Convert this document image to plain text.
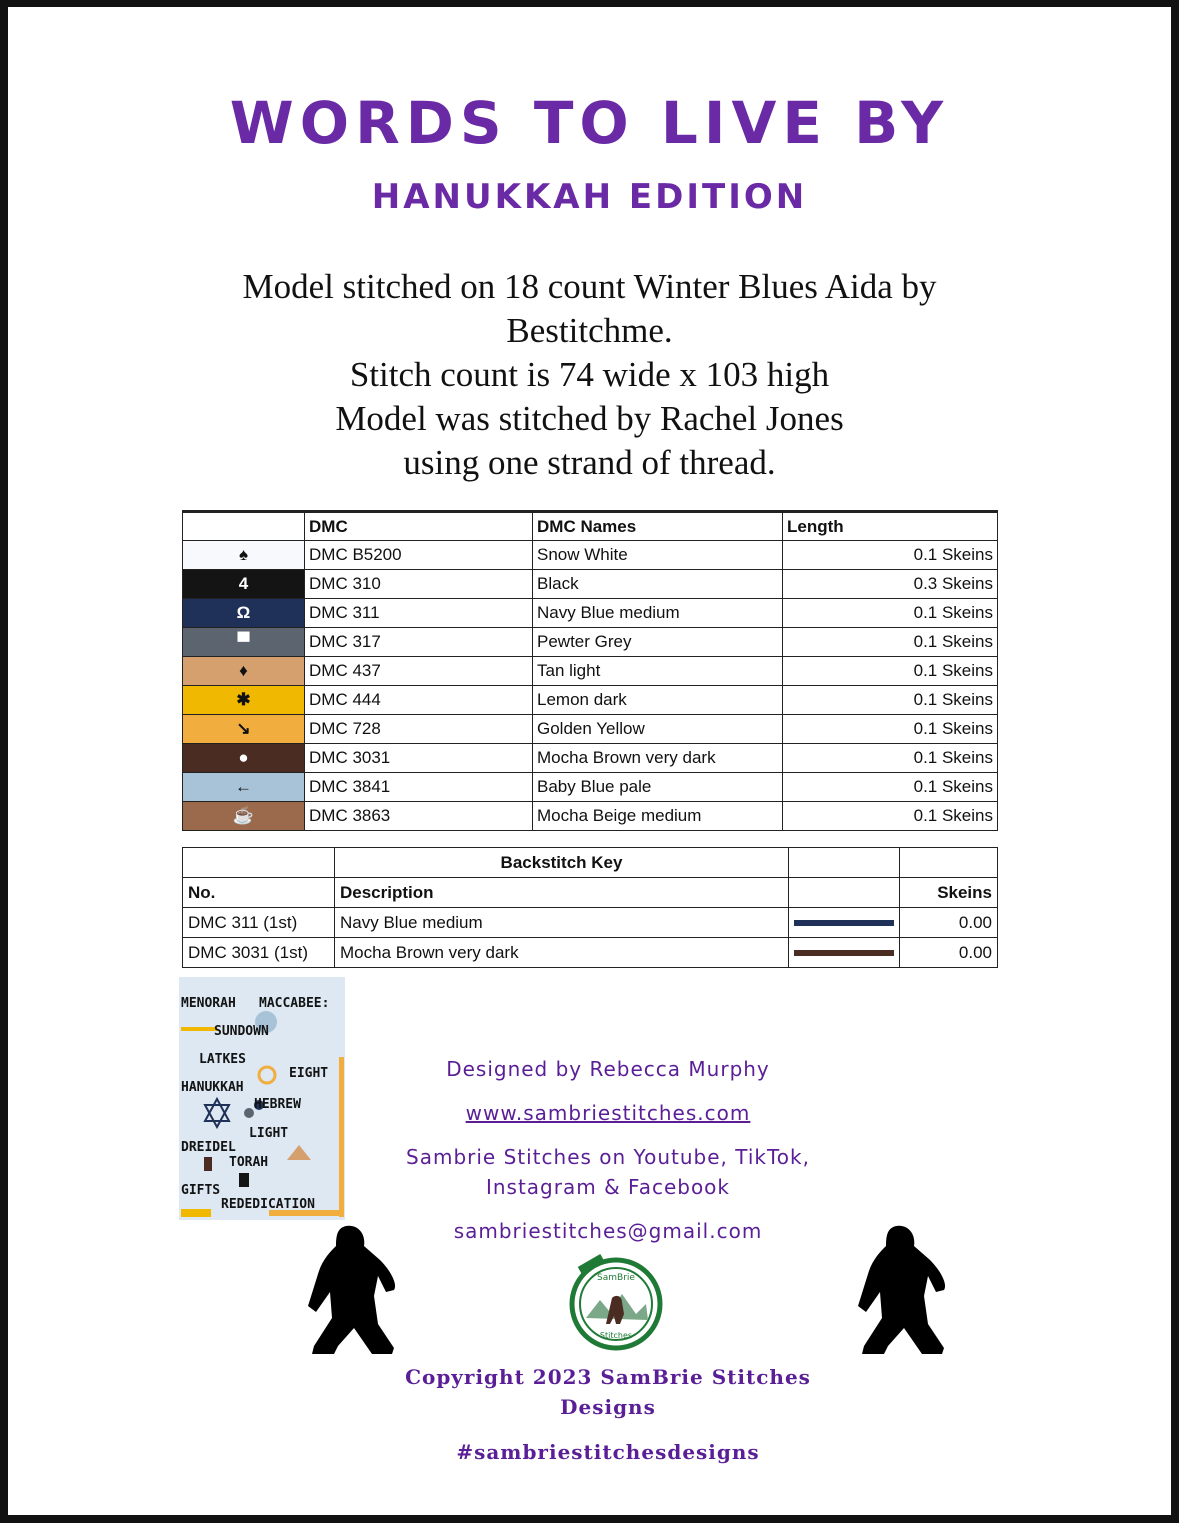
WORDS TO LIVE BY
HANUKKAH EDITION
Model stitched on 18 count Winter Blues Aida by
Bestitchme.
Stitch count is 74 wide x 103 high
Model was stitched by Rachel Jones
using one strand of thread.
	DMC	DMC Names	Length
♠	DMC B5200	Snow White	0.1 Skeins
4	DMC 310	Black	0.3 Skeins
Ω	DMC 311	Navy Blue medium	0.1 Skeins
▀	DMC 317	Pewter Grey	0.1 Skeins
♦	DMC 437	Tan light	0.1 Skeins
✱	DMC 444	Lemon dark	0.1 Skeins
↘	DMC 728	Golden Yellow	0.1 Skeins
●	DMC 3031	Mocha Brown very dark	0.1 Skeins
←	DMC 3841	Baby Blue pale	0.1 Skeins
☕	DMC 3863	Mocha Beige medium	0.1 Skeins
	Backstitch Key		
No.	Description		Skeins
DMC 311 (1st)	Navy Blue medium		0.00
DMC 3031 (1st)	Mocha Brown very dark		0.00
MENORAH MACCABEE:
SUNDOWN
LATKES
EIGHT
HANUKKAH
HEBREW
LIGHT
DREIDEL
TORAH
GIFTS
REDEDICATION
Designed by Rebecca Murphy
www.sambriestitches.com
Sambrie Stitches on Youtube, TikTok,
Instagram & Facebook
sambriestitches@gmail.com
SamBrie
Stitches
Copyright 2023 SamBrie Stitches
Designs
#sambriestitchesdesigns
